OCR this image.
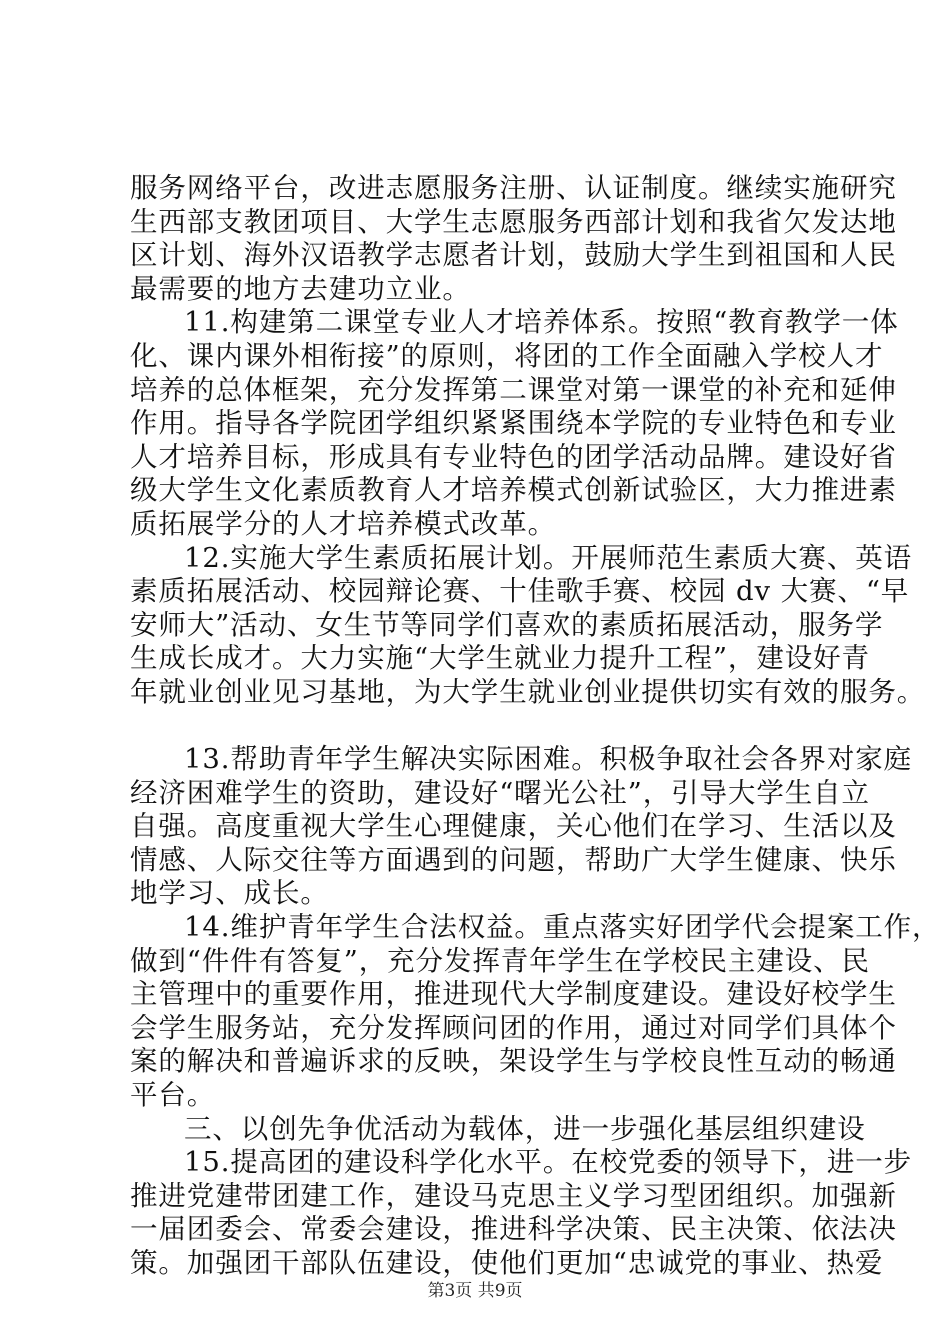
服务网络平台，改进志愿服务注册、认证制度。继续实施研究
生西部支教团项目、大学生志愿服务西部计划和我省欠发达地
区计划、海外汉语教学志愿者计划，鼓励大学生到祖国和人民
最需要的地方去建功立业。
11.构建第二课堂专业人才培养体系。按照“教育教学一体
化、课内课外相衔接”的原则，将团的工作全面融入学校人才
培养的总体框架，充分发挥第二课堂对第一课堂的补充和延伸
作用。指导各学院团学组织紧紧围绕本学院的专业特色和专业
人才培养目标，形成具有专业特色的团学活动品牌。建设好省
级大学生文化素质教育人才培养模式创新试验区，大力推进素
质拓展学分的人才培养模式改革。
12.实施大学生素质拓展计划。开展师范生素质大赛、英语
素质拓展活动、校园辩论赛、十佳歌手赛、校园 dv 大赛、“早
安师大”活动、女生节等同学们喜欢的素质拓展活动，服务学
生成长成才。大力实施“大学生就业力提升工程”，建设好青
年就业创业见习基地，为大学生就业创业提供切实有效的服务。
13.帮助青年学生解决实际困难。积极争取社会各界对家庭
经济困难学生的资助，建设好“曙光公社”，引导大学生自立
自强。高度重视大学生心理健康，关心他们在学习、生活以及
情感、人际交往等方面遇到的问题，帮助广大学生健康、快乐
地学习、成长。
14.维护青年学生合法权益。重点落实好团学代会提案工作，
做到“件件有答复”，充分发挥青年学生在学校民主建设、民
主管理中的重要作用，推进现代大学制度建设。建设好校学生
会学生服务站，充分发挥顾问团的作用，通过对同学们具体个
案的解决和普遍诉求的反映，架设学生与学校良性互动的畅通
平台。
三、以创先争优活动为载体，进一步强化基层组织建设
15.提高团的建设科学化水平。在校党委的领导下，进一步
推进党建带团建工作，建设马克思主义学习型团组织。加强新
一届团委会、常委会建设，推进科学决策、民主决策、依法决
策。加强团干部队伍建设，使他们更加“忠诚党的事业、热爱
第3页 共9页
